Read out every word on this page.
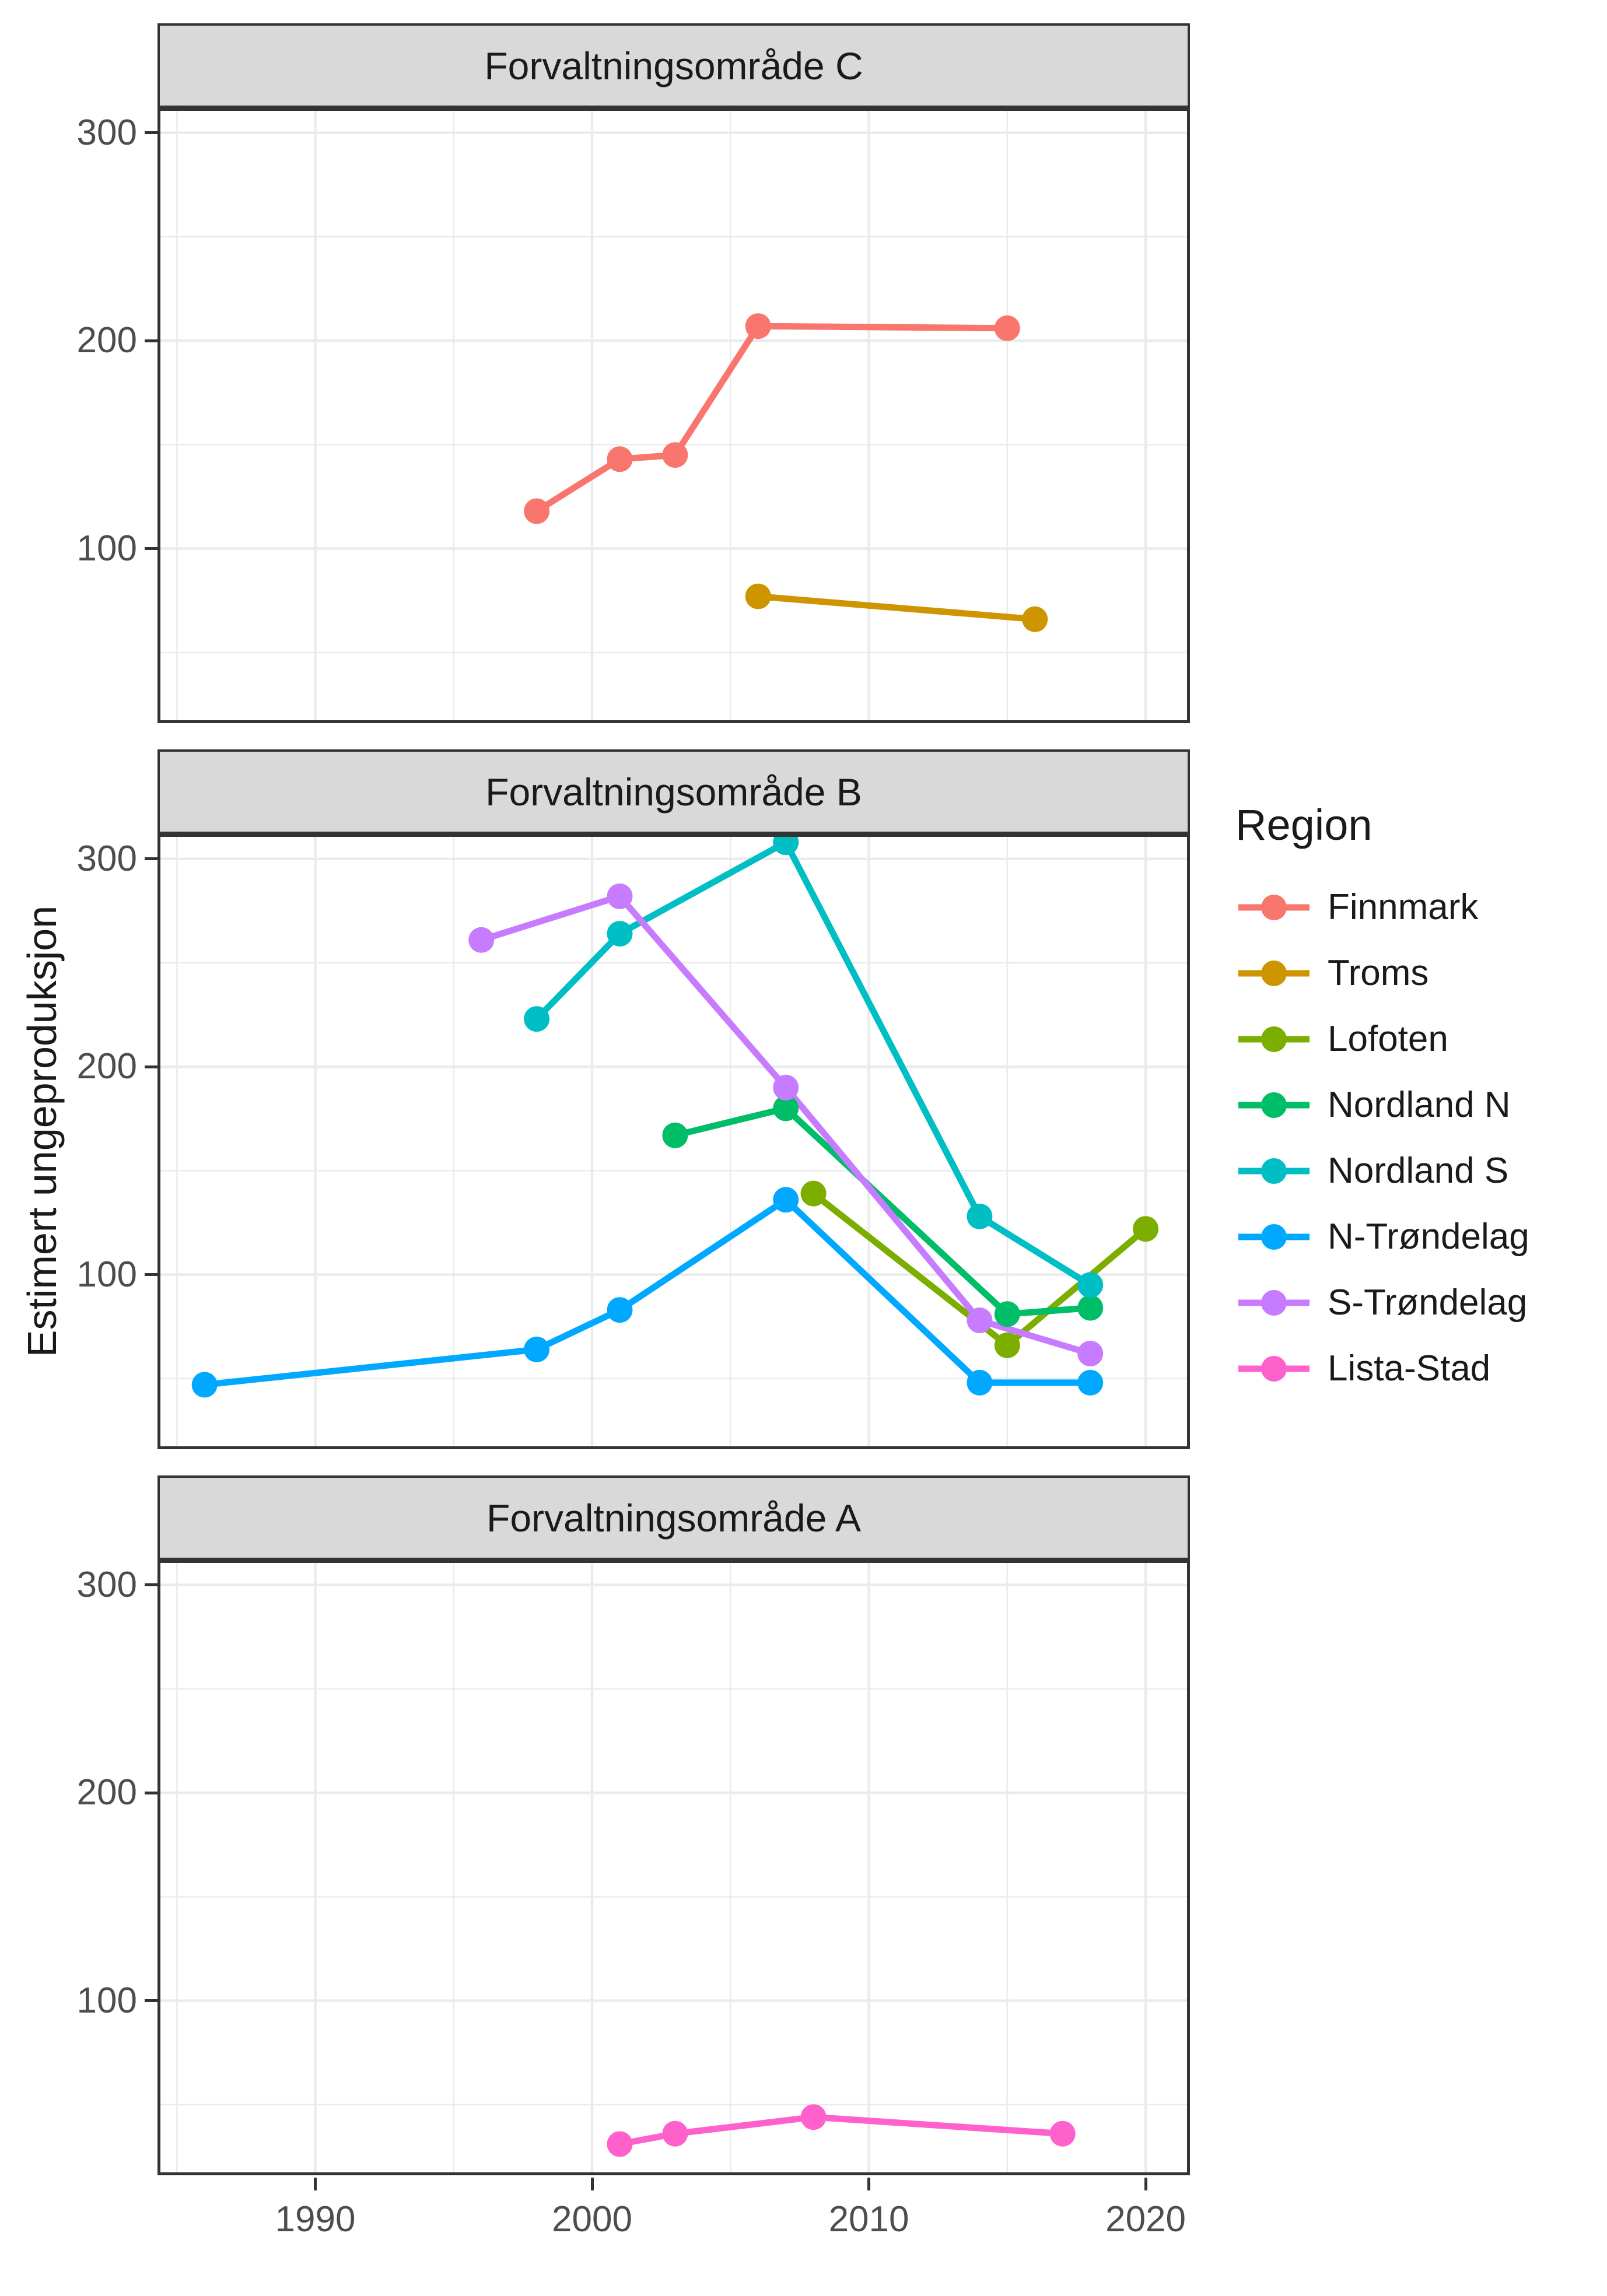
Estimert ungeproduksjon
Forvaltningsområde C
100
200
300
Forvaltningsområde B
100
200
300
Forvaltningsområde A
100
200
300
Region
Finnmark
Troms
Lofoten
Nordland N
Nordland S
N-Trøndelag
S-Trøndelag
Lista-Stad
1990	2000	2010	2020
